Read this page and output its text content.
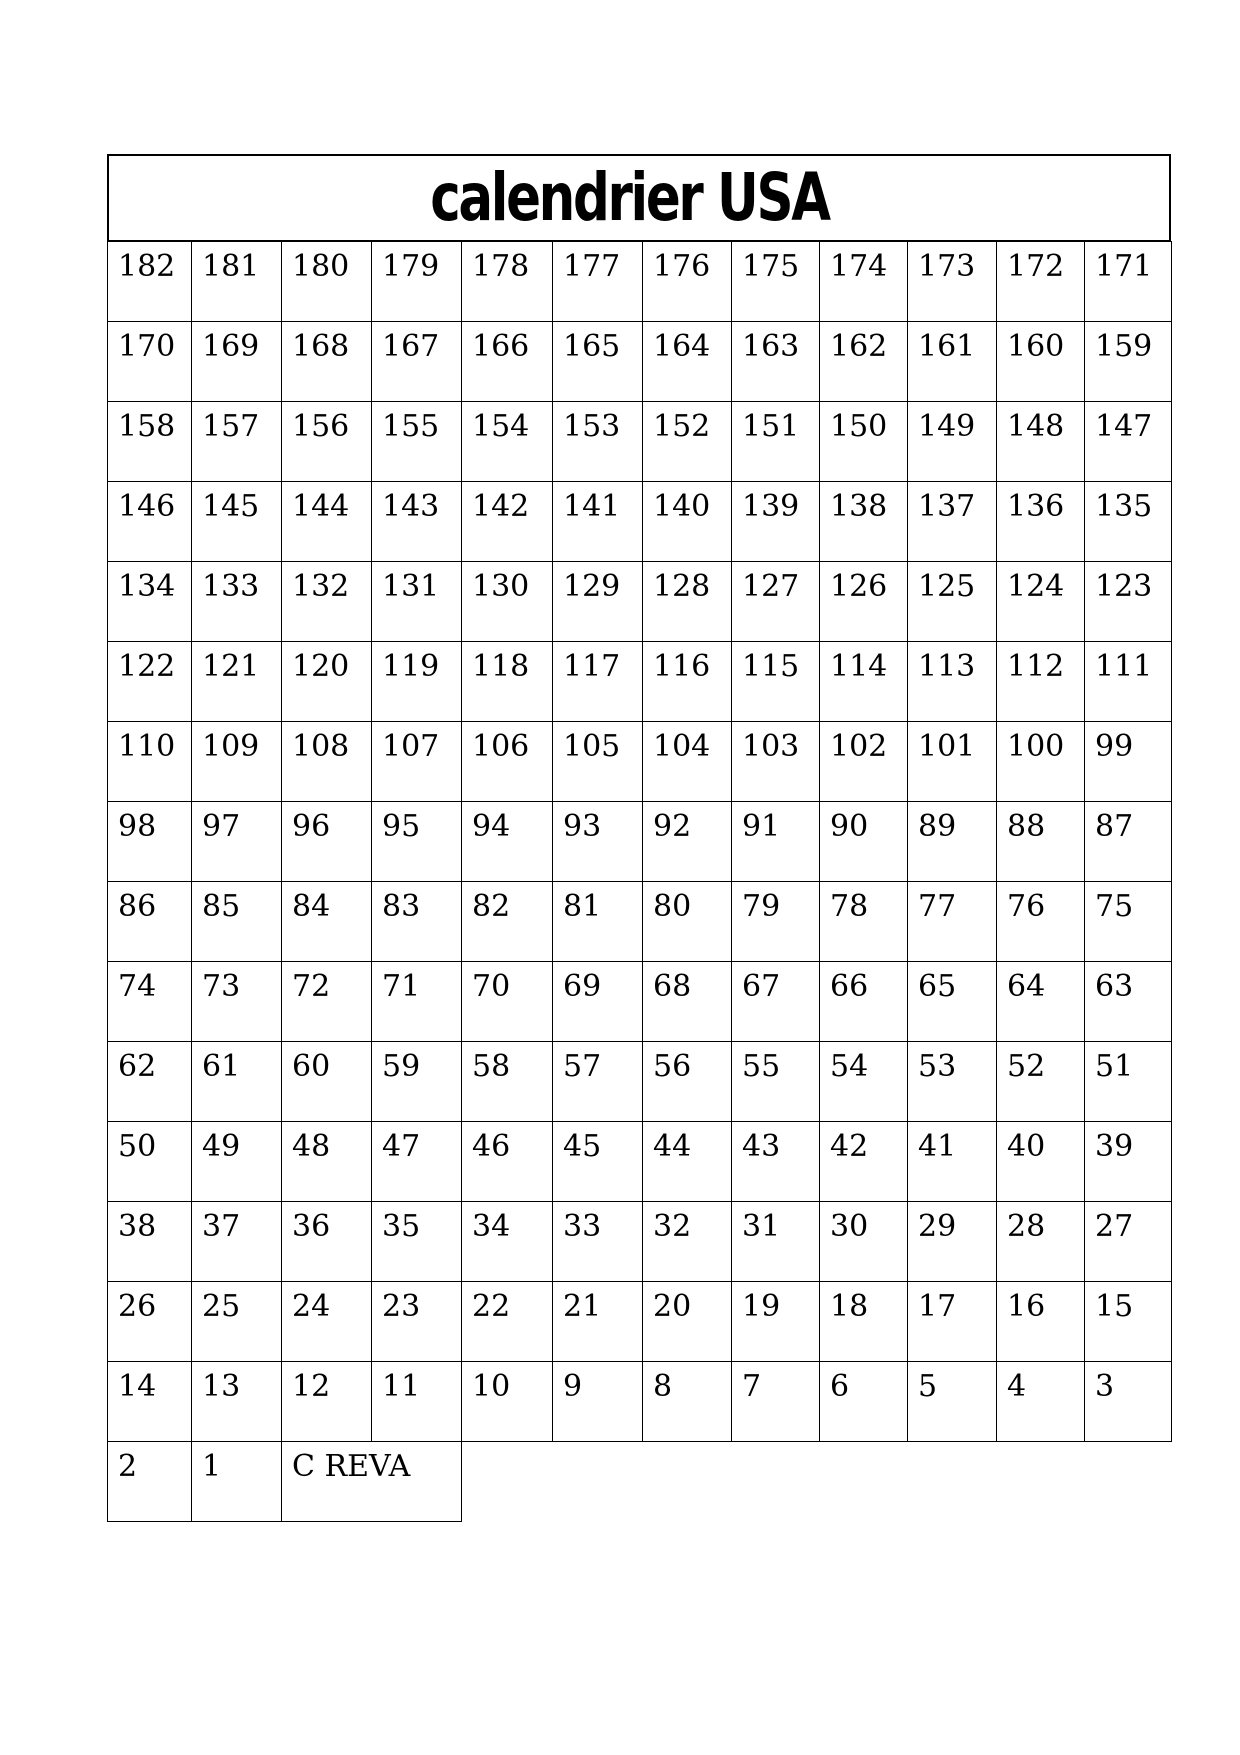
calendrier USA
182	181	180	179	178	177	176	175	174	173	172	171
170	169	168	167	166	165	164	163	162	161	160	159
158	157	156	155	154	153	152	151	150	149	148	147
146	145	144	143	142	141	140	139	138	137	136	135
134	133	132	131	130	129	128	127	126	125	124	123
122	121	120	119	118	117	116	115	114	113	112	111
110	109	108	107	106	105	104	103	102	101	100	99
98	97	96	95	94	93	92	91	90	89	88	87
86	85	84	83	82	81	80	79	78	77	76	75
74	73	72	71	70	69	68	67	66	65	64	63
62	61	60	59	58	57	56	55	54	53	52	51
50	49	48	47	46	45	44	43	42	41	40	39
38	37	36	35	34	33	32	31	30	29	28	27
26	25	24	23	22	21	20	19	18	17	16	15
14	13	12	11	10	9	8	7	6	5	4	3
2	1	C REVA									
